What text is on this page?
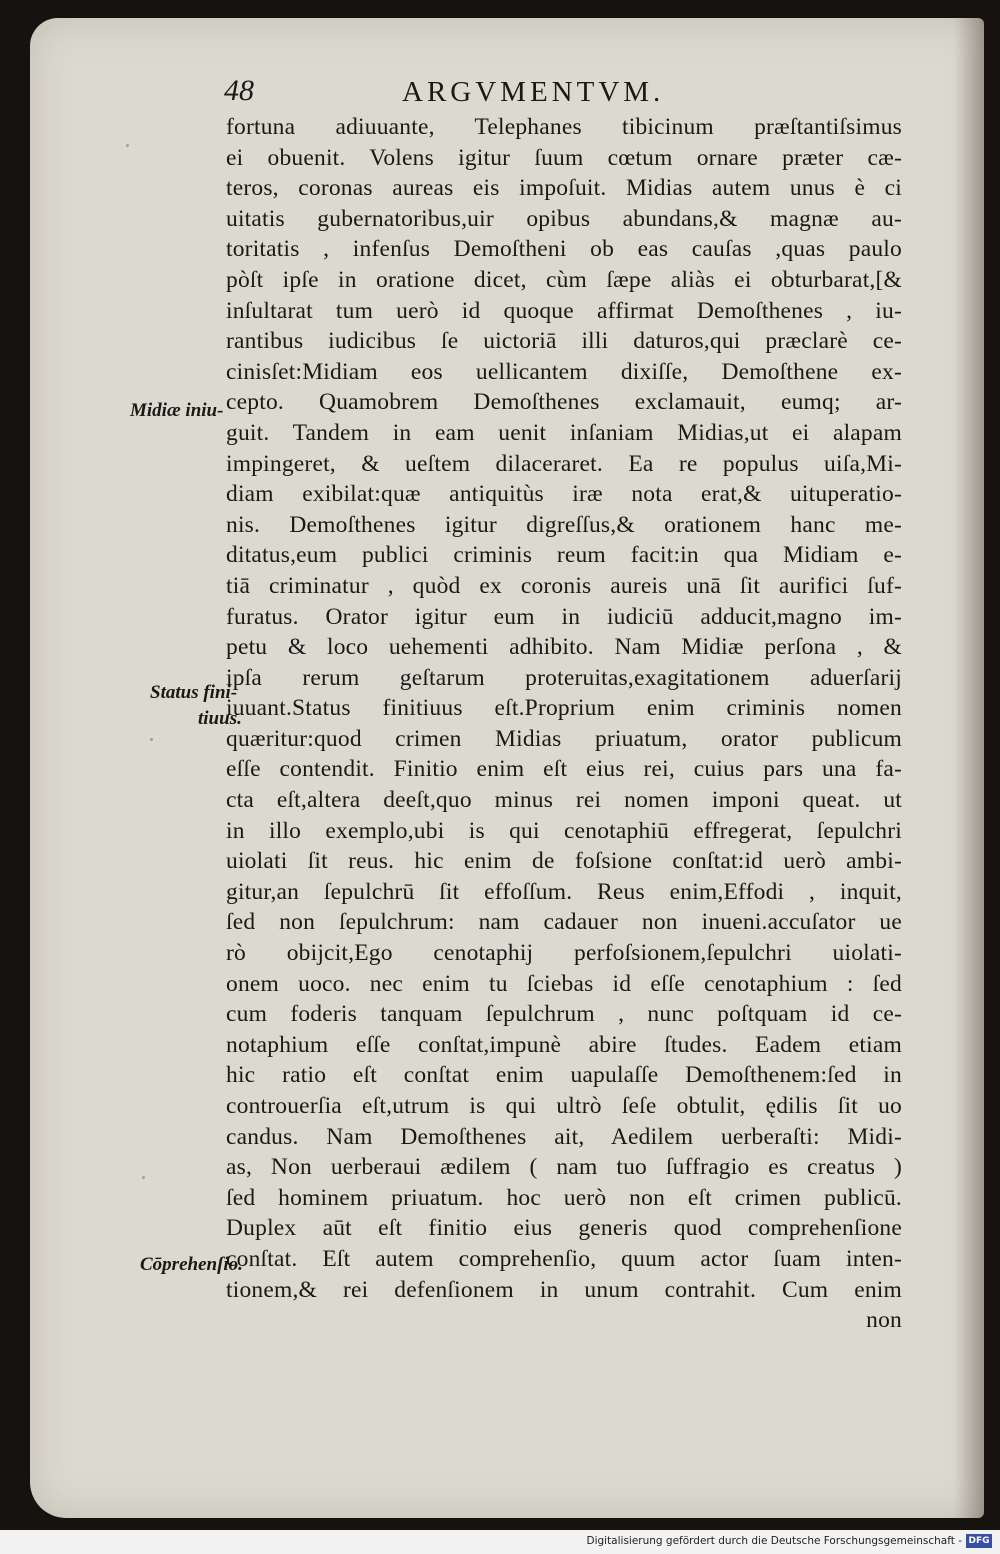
48	ARGVMENTVM.
fortuna adiuuante, Telephanes tibicinum præſtantiſsimus
ei obuenit. Volens igitur ſuum cœtum ornare præter cæ-
teros, coronas aureas eis impoſuit. Midias autem unus è ci
uitatis gubernatoribus,uir opibus abundans,& magnæ au-
toritatis , infenſus Demoſtheni ob eas cauſas ,quas paulo
pòſt ipſe in oratione dicet, cùm ſæpe aliàs ei obturbarat,[&
inſultarat tum uerò id quoque affirmat Demoſthenes , iu-
rantibus iudicibus ſe uictoriā illi daturos,qui præclarè ce-
cinisſet:Midiam eos uellicantem dixiſſe, Demoſthene ex-
cepto. Quamobrem Demoſthenes exclamauit, eumq; ar-
guit. Tandem in eam uenit inſaniam Midias,ut ei alapam
impingeret, & ueſtem dilaceraret. Ea re populus uiſa,Mi-
diam exibilat:quæ antiquitùs iræ nota erat,& uituperatio-
nis. Demoſthenes igitur digreſſus,& orationem hanc me-
ditatus,eum publici criminis reum facit:in qua Midiam e-
tiā criminatur , quòd ex coronis aureis unā ſit aurifici ſuf-
furatus. Orator igitur eum in iudiciū adducit,magno im-
petu & loco uehementi adhibito. Nam Midiæ perſona , &
ipſa rerum geſtarum proteruitas,exagitationem aduerſarij
iuuant.Status finitiuus eſt.Proprium enim criminis nomen
quæritur:quod crimen Midias priuatum, orator publicum
eſſe contendit. Finitio enim eſt eius rei, cuius pars una fa-
cta eſt,altera deeſt,quo minus rei nomen imponi queat. ut
in illo exemplo,ubi is qui cenotaphiū effregerat, ſepulchri
uiolati ſit reus. hic enim de foſsione conſtat:id uerò ambi-
gitur,an ſepulchrū ſit effoſſum. Reus enim,Effodi , inquit,
ſed non ſepulchrum: nam cadauer non inueni.accuſator ue
rò obijcit,Ego cenotaphij perfoſsionem,ſepulchri uiolati-
onem uoco. nec enim tu ſciebas id eſſe cenotaphium : ſed
cum foderis tanquam ſepulchrum , nunc poſtquam id ce-
notaphium eſſe conſtat,impunè abire ſtudes. Eadem etiam
hic ratio eſt conſtat enim uapulaſſe Demoſthenem:ſed in
controuerſia eſt,utrum is qui ultrò ſeſe obtulit, ędilis ſit uo
candus. Nam Demoſthenes ait, Aedilem uerberaſti: Midi-
as, Non uerberaui ædilem ( nam tuo ſuffragio es creatus )
ſed hominem priuatum. hoc uerò non eſt crimen publicū.
Duplex aūt eſt finitio eius generis quod comprehenſione
conſtat. Eſt autem comprehenſio, quum actor ſuam inten-
tionem,& rei defenſionem in unum contrahit. Cum enim
non
Midiæ iniu-
Status fini-
tiuus.
Cōprehenſio.
Digitalisierung gefördert durch die Deutsche Forschungsgemeinschaft - DFG
